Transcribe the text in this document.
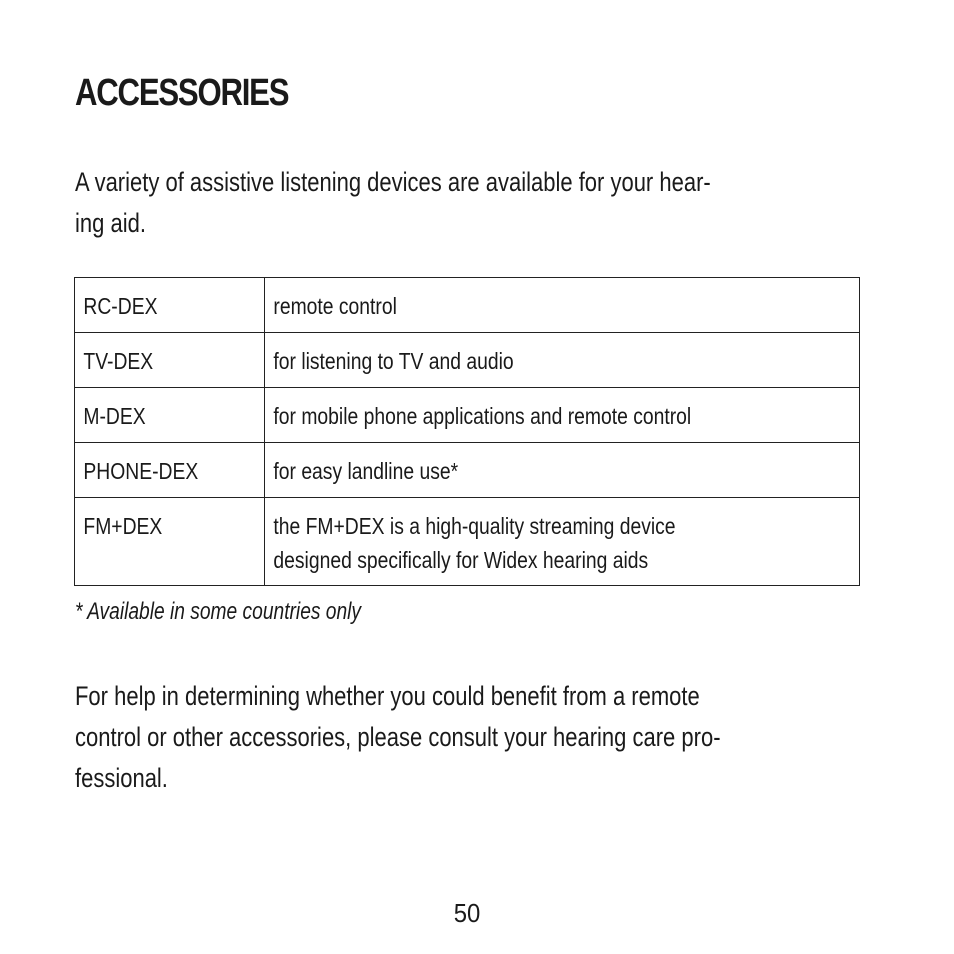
ACCESSORIES

A variety of assistive listening devices are available for your hear-
ing aid.

RC-DEX	remote control

TV-DEX	for listening to TV and audio

M-DEX	for mobile phone applications and remote control

PHONE-DEX	for easy landline use*

FM+DEX	the FM+DEX is a high-quality streaming device
designed specifically for Widex hearing aids

* Available in some countries only

For help in determining whether you could benefit from a remote
control or other accessories, please consult your hearing care pro-
fessional.

50
